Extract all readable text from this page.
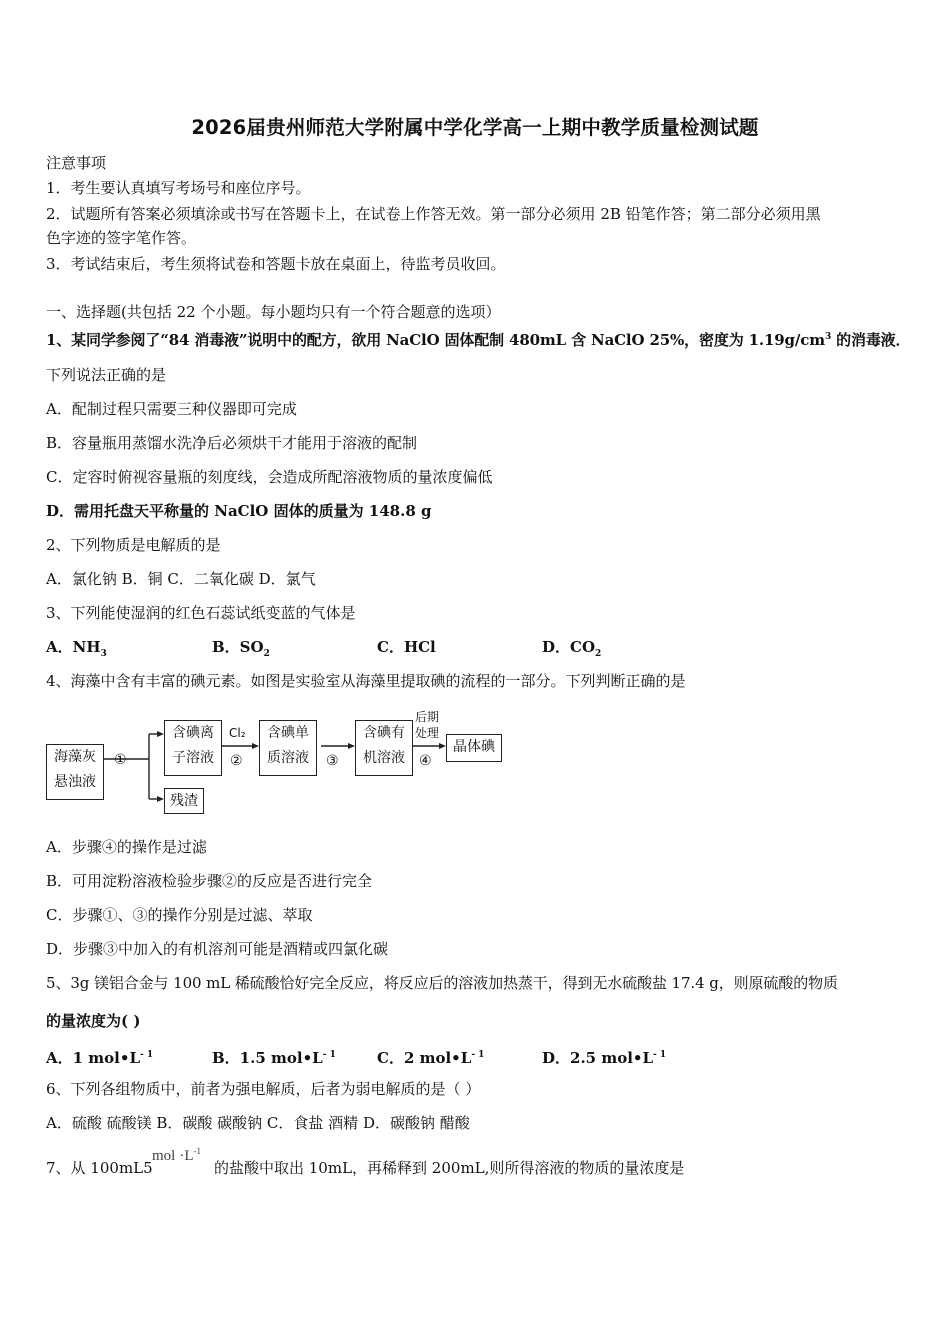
2026届贵州师范大学附属中学化学高一上期中教学质量检测试题
注意事项
1．考生要认真填写考场号和座位序号。
2．试题所有答案必须填涂或书写在答题卡上，在试卷上作答无效。第一部分必须用 2B 铅笔作答；第二部分必须用黑
色字迹的签字笔作答。
3．考试结束后，考生须将试卷和答题卡放在桌面上，待监考员收回。
一、选择题(共包括 22 个小题。每小题均只有一个符合题意的选项）
1、某同学参阅了“84 消毒液”说明中的配方，欲用 NaClO 固体配制 480mL 含 NaClO 25%，密度为 $1.19g/cm^3$ 的消毒液．
下列说法正确的是
A．配制过程只需要三种仪器即可完成
B．容量瓶用蒸馏水洗净后必须烘干才能用于溶液的配制
C．定容时俯视容量瓶的刻度线，会造成所配溶液物质的量浓度偏低
D．需用托盘天平称量的 NaClO 固体的质量为 148.8 g
2、下列物质是电解质的是
A．氯化钠 B．铜 C．二氧化碳 D．氯气
3、下列能使湿润的红色石蕊试纸变蓝的气体是
A．$NH_3$	B．$SO_2$	C．HCl	D．$CO_2$
4、海藻中含有丰富的碘元素。如图是实验室从海藻里提取碘的流程的一部分。下列判断正确的是
海藻灰
悬浊液
①
含碘离
子溶液
Cl₂
②
含碘单
质溶液	③
含碘有
机溶液
后期
处理
④
晶体碘
残渣
A．步骤④的操作是过滤
B．可用淀粉溶液检验步骤②的反应是否进行完全
C．步骤①、③的操作分别是过滤、萃取
D．步骤③中加入的有机溶剂可能是酒精或四氯化碳
5、3g 镁铝合金与 100 mL 稀硫酸恰好完全反应，将反应后的溶液加热蒸干，得到无水硫酸盐 17.4 g，则原硫酸的物质
的量浓度为( )
A．1 $mol•L^{- 1}$	B．1.5 $mol•L^{- 1}$	C．2 $mol•L^{- 1}$	D．2.5 $mol•L^{- 1}$
6、下列各组物质中，前者为强电解质，后者为弱电解质的是（ ）
A．硫酸 硫酸镁 B．碳酸 碳酸钠 C．食盐 酒精 D．碳酸钠 醋酸
7、从 100mL5
mol $\cdot L^{-1}$
的盐酸中取出 10mL，再稀释到 200mL,则所得溶液的物质的量浓度是
